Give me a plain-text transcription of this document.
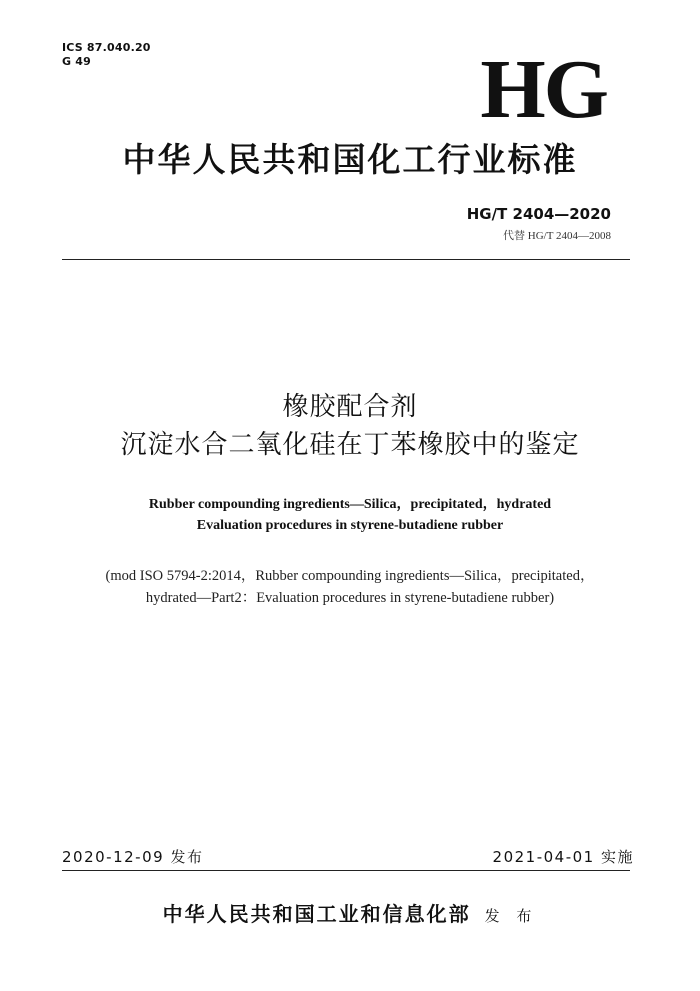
ICS 87.040.20
G 49	HG
中华人民共和国化工行业标准
HG/T 2404—2020
代替 HG/T 2404—2008
橡胶配合剂
沉淀水合二氧化硅在丁苯橡胶中的鉴定
Rubber compounding ingredients—Silica，precipitated，hydrated
Evaluation procedures in styrene-butadiene rubber
(mod ISO 5794-2:2014，Rubber compounding ingredients—Silica，precipitated，
hydrated—Part2：Evaluation procedures in styrene-butadiene rubber)
2020-12-09 发布	2021-04-01 实施
中华人民共和国工业和信息化部 发 布
